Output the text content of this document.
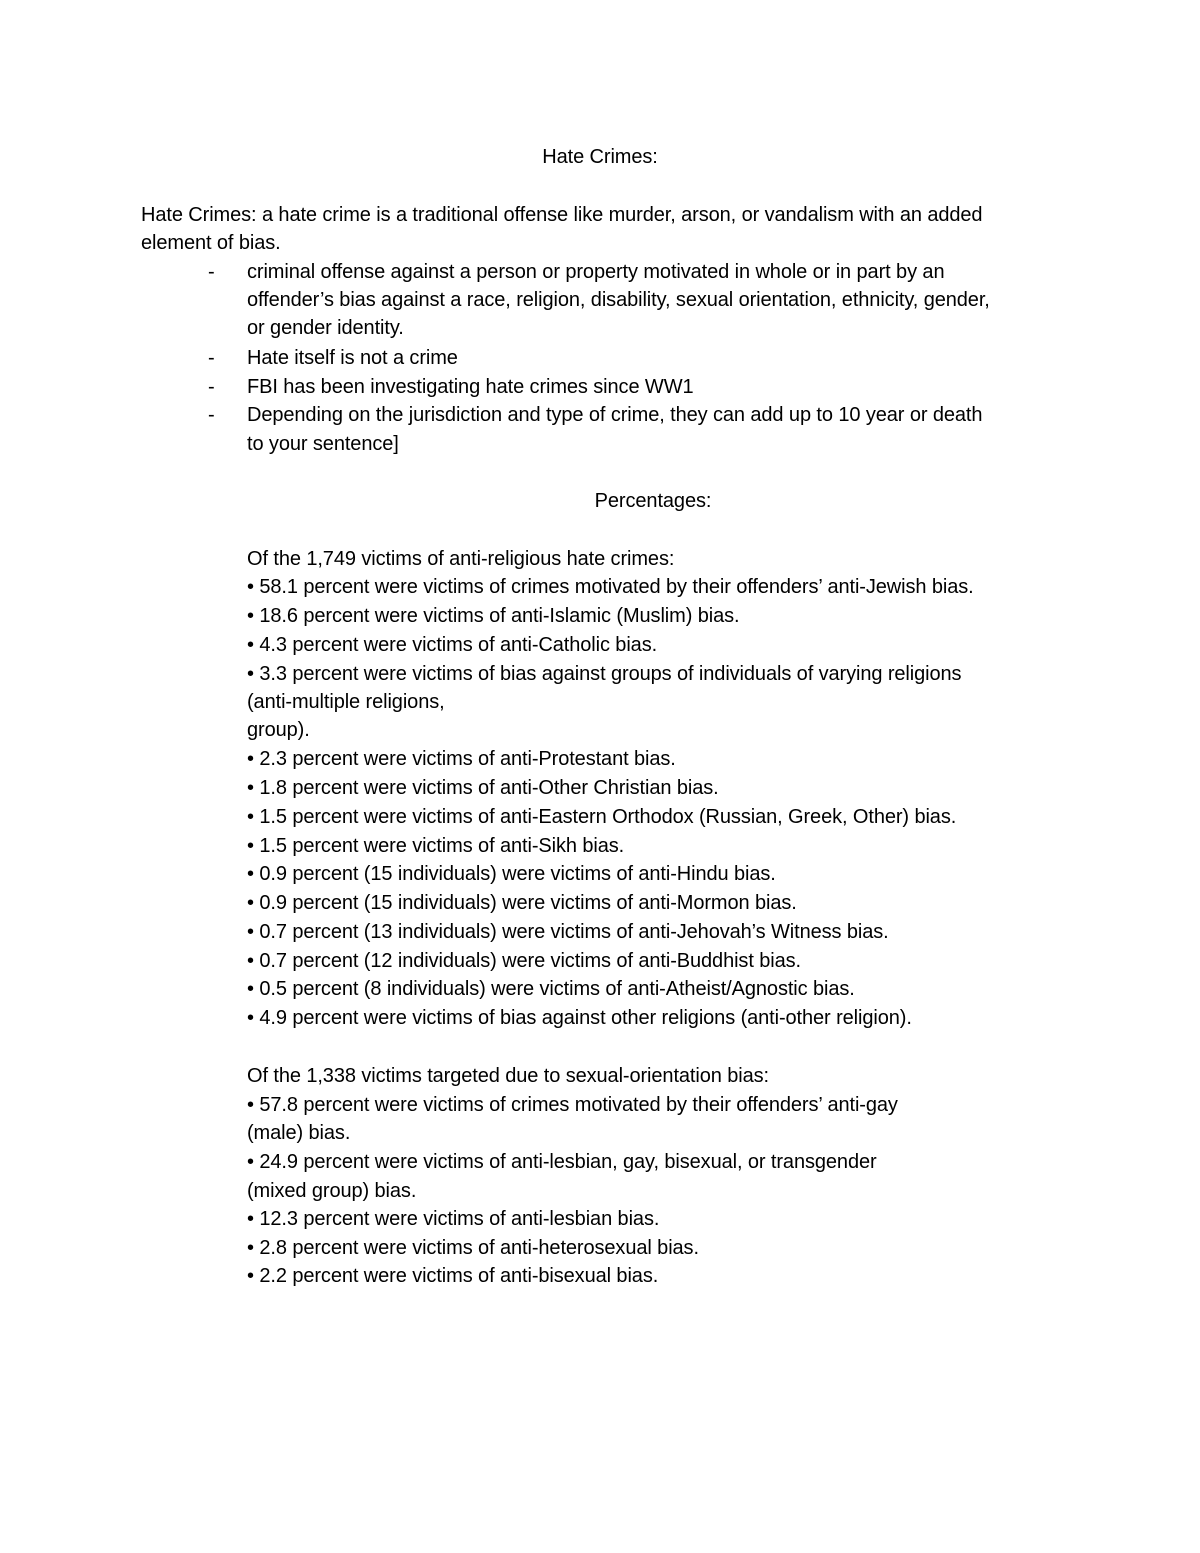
Hate Crimes:
Hate Crimes: a hate crime is a traditional offense like murder, arson, or vandalism with an added
element of bias.
- criminal offense against a person or property motivated in whole or in part by an
offender’s bias against a race, religion, disability, sexual orientation, ethnicity, gender,
or gender identity.
- Hate itself is not a crime
- FBI has been investigating hate crimes since WW1
- Depending on the jurisdiction and type of crime, they can add up to 10 year or death
to your sentence]
Percentages:
Of the 1,749 victims of anti-religious hate crimes:
• 58.1 percent were victims of crimes motivated by their offenders’ anti-Jewish bias.
• 18.6 percent were victims of anti-Islamic (Muslim) bias.
• 4.3 percent were victims of anti-Catholic bias.
• 3.3 percent were victims of bias against groups of individuals of varying religions
(anti-multiple religions,
group).
• 2.3 percent were victims of anti-Protestant bias.
• 1.8 percent were victims of anti-Other Christian bias.
• 1.5 percent were victims of anti-Eastern Orthodox (Russian, Greek, Other) bias.
• 1.5 percent were victims of anti-Sikh bias.
• 0.9 percent (15 individuals) were victims of anti-Hindu bias.
• 0.9 percent (15 individuals) were victims of anti-Mormon bias.
• 0.7 percent (13 individuals) were victims of anti-Jehovah’s Witness bias.
• 0.7 percent (12 individuals) were victims of anti-Buddhist bias.
• 0.5 percent (8 individuals) were victims of anti-Atheist/Agnostic bias.
• 4.9 percent were victims of bias against other religions (anti-other religion).
Of the 1,338 victims targeted due to sexual-orientation bias:
• 57.8 percent were victims of crimes motivated by their offenders’ anti-gay
(male) bias.
• 24.9 percent were victims of anti-lesbian, gay, bisexual, or transgender
(mixed group) bias.
• 12.3 percent were victims of anti-lesbian bias.
• 2.8 percent were victims of anti-heterosexual bias.
• 2.2 percent were victims of anti-bisexual bias.
